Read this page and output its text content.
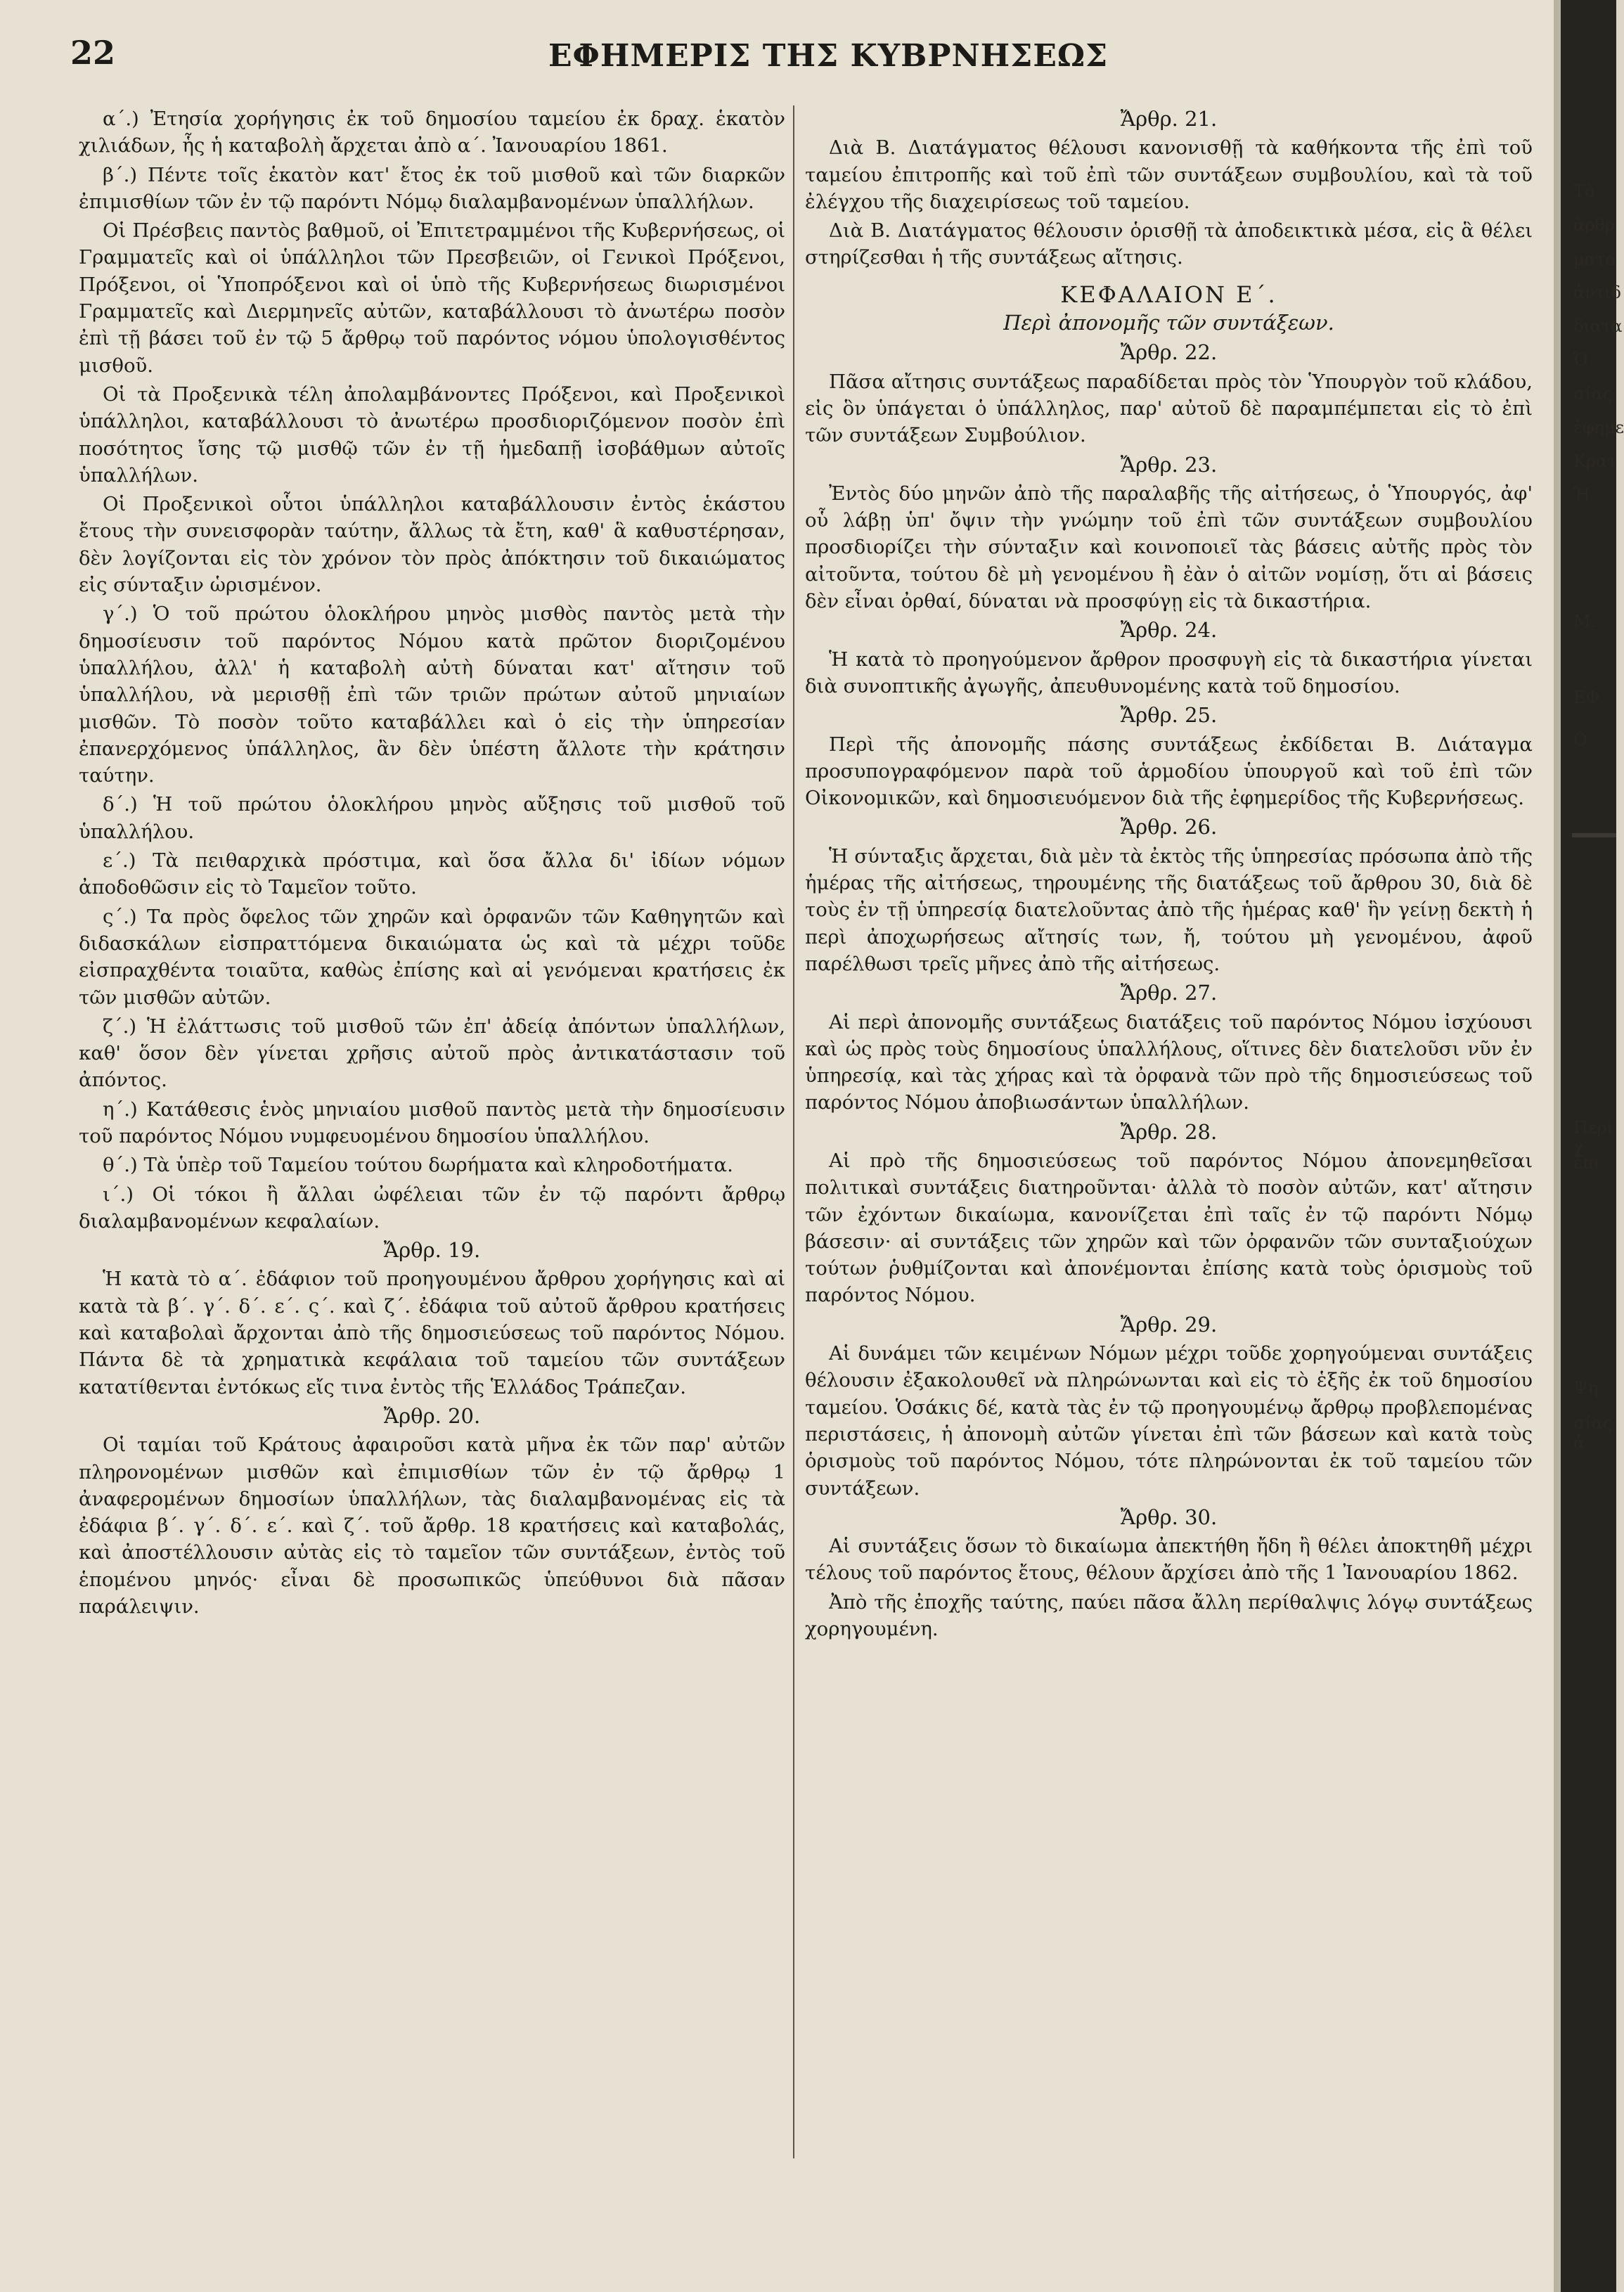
22	ΕΦΗΜΕΡΙΣ ΤΗΣ ΚΥΒΡΝΗΣΕΩΣ
α΄.) Ἐτησία χορήγησις ἐκ τοῦ δημοσίου ταμείου ἐκ δραχ. ἑκατὸν χιλιάδων, ἧς ἡ καταβολὴ ἄρχεται ἀπὸ α΄. Ἰανουαρίου 1861.
β΄.) Πέντε τοῖς ἑκατὸν κατ' ἔτος ἐκ τοῦ μισθοῦ καὶ τῶν διαρκῶν ἐπιμισθίων τῶν ἐν τῷ παρόντι Νόμῳ διαλαμβανομένων ὑπαλλήλων.
Οἱ Πρέσβεις παντὸς βαθμοῦ, οἱ Ἐπιτετραμμένοι τῆς Κυβερνήσεως, οἱ Γραμματεῖς καὶ οἱ ὑπάλληλοι τῶν Πρεσβειῶν, οἱ Γενικοὶ Πρόξενοι, Πρόξενοι, οἱ Ὑποπρόξενοι καὶ οἱ ὑπὸ τῆς Κυβερνήσεως διωρισμένοι Γραμματεῖς καὶ Διερμηνεῖς αὐτῶν, καταβάλλουσι τὸ ἀνωτέρω ποσὸν ἐπὶ τῇ βάσει τοῦ ἐν τῷ 5 ἄρθρῳ τοῦ παρόντος νόμου ὑπολογισθέντος μισθοῦ.
Οἱ τὰ Προξενικὰ τέλη ἀπολαμβάνοντες Πρόξενοι, καὶ Προξενικοὶ ὑπάλληλοι, καταβάλλουσι τὸ ἀνωτέρω προσδιοριζόμενον ποσὸν ἐπὶ ποσότητος ἴσης τῷ μισθῷ τῶν ἐν τῇ ἡμεδαπῇ ἰσοβάθμων αὐτοῖς ὑπαλλήλων.
Οἱ Προξενικοὶ οὗτοι ὑπάλληλοι καταβάλλουσιν ἐντὸς ἑκάστου ἔτους τὴν συνεισφορὰν ταύτην, ἄλλως τὰ ἔτη, καθ' ἃ καθυστέρησαν, δὲν λογίζονται εἰς τὸν χρόνον τὸν πρὸς ἀπόκτησιν τοῦ δικαιώματος εἰς σύνταξιν ὡρισμένον.
γ΄.) Ὁ τοῦ πρώτου ὁλοκλήρου μηνὸς μισθὸς παντὸς μετὰ τὴν δημοσίευσιν τοῦ παρόντος Νόμου κατὰ πρῶτον διοριζομένου ὑπαλλήλου, ἀλλ' ἡ καταβολὴ αὐτὴ δύναται κατ' αἴτησιν τοῦ ὑπαλλήλου, νὰ μερισθῇ ἐπὶ τῶν τριῶν πρώτων αὐτοῦ μηνιαίων μισθῶν. Τὸ ποσὸν τοῦτο καταβάλλει καὶ ὁ εἰς τὴν ὑπηρεσίαν ἐπανερχόμενος ὑπάλληλος, ἂν δὲν ὑπέστη ἄλλοτε τὴν κράτησιν ταύτην.
δ΄.) Ἡ τοῦ πρώτου ὁλοκλήρου μηνὸς αὔξησις τοῦ μισθοῦ τοῦ ὑπαλλήλου.
ε΄.) Τὰ πειθαρχικὰ πρόστιμα, καὶ ὅσα ἄλλα δι' ἰδίων νόμων ἀποδοθῶσιν εἰς τὸ Ταμεῖον τοῦτο.
ς΄.) Τα πρὸς ὄφελος τῶν χηρῶν καὶ ὀρφανῶν τῶν Καθηγητῶν καὶ διδασκάλων εἰσπραττόμενα δικαιώματα ὡς καὶ τὰ μέχρι τοῦδε εἰσπραχθέντα τοιαῦτα, καθὼς ἐπίσης καὶ αἱ γενόμεναι κρατήσεις ἐκ τῶν μισθῶν αὐτῶν.
ζ΄.) Ἡ ἐλάττωσις τοῦ μισθοῦ τῶν ἐπ' ἀδείᾳ ἀπόντων ὑπαλλήλων, καθ' ὅσον δὲν γίνεται χρῆσις αὐτοῦ πρὸς ἀντικατάστασιν τοῦ ἀπόντος.
η΄.) Κατάθεσις ἑνὸς μηνιαίου μισθοῦ παντὸς μετὰ τὴν δημοσίευσιν τοῦ παρόντος Νόμου νυμφευομένου δημοσίου ὑπαλλήλου.
θ΄.) Τὰ ὑπὲρ τοῦ Ταμείου τούτου δωρήματα καὶ κληροδοτήματα.
ι΄.) Οἱ τόκοι ἢ ἄλλαι ὠφέλειαι τῶν ἐν τῷ παρόντι ἄρθρῳ διαλαμβανομένων κεφαλαίων.
Ἄρθρ. 19.
Ἡ κατὰ τὸ α΄. ἐδάφιον τοῦ προηγουμένου ἄρθρου χορήγησις καὶ αἱ κατὰ τὰ β΄. γ΄. δ΄. ε΄. ς΄. καὶ ζ΄. ἐδάφια τοῦ αὐτοῦ ἄρθρου κρατήσεις καὶ καταβολαὶ ἄρχονται ἀπὸ τῆς δημοσιεύσεως τοῦ παρόντος Νόμου. Πάντα δὲ τὰ χρηματικὰ κεφάλαια τοῦ ταμείου τῶν συντάξεων κατατίθενται ἐντόκως εἴς τινα ἐντὸς τῆς Ἑλλάδος Τράπεζαν.
Ἄρθρ. 20.
Οἱ ταμίαι τοῦ Κράτους ἀφαιροῦσι κατὰ μῆνα ἐκ τῶν παρ' αὐτῶν πληρονομένων μισθῶν καὶ ἐπιμισθίων τῶν ἐν τῷ ἄρθρῳ 1 ἀναφερομένων δημοσίων ὑπαλλήλων, τὰς διαλαμβανομένας εἰς τὰ ἐδάφια β΄. γ΄. δ΄. ε΄. καὶ ζ΄. τοῦ ἄρθρ. 18 κρατήσεις καὶ καταβολάς, καὶ ἀποστέλλουσιν αὐτὰς εἰς τὸ ταμεῖον τῶν συντάξεων, ἐντὸς τοῦ ἑπομένου μηνός· εἶναι δὲ προσωπικῶς ὑπεύθυνοι διὰ πᾶσαν παράλειψιν.
Ἄρθρ. 21.
Διὰ Β. Διατάγματος θέλουσι κανονισθῇ τὰ καθήκοντα τῆς ἐπὶ τοῦ ταμείου ἐπιτροπῆς καὶ τοῦ ἐπὶ τῶν συντάξεων συμβουλίου, καὶ τὰ τοῦ ἐλέγχου τῆς διαχειρίσεως τοῦ ταμείου.
Διὰ Β. Διατάγματος θέλουσιν ὁρισθῇ τὰ ἀποδεικτικὰ μέσα, εἰς ἃ θέλει στηρίζεσθαι ἡ τῆς συντάξεως αἴτησις.
ΚΕΦΑΛΑΙΟΝ Ε΄.
Περὶ ἀπονομῆς τῶν συντάξεων.
Ἄρθρ. 22.
Πᾶσα αἴτησις συντάξεως παραδίδεται πρὸς τὸν Ὑπουργὸν τοῦ κλάδου, εἰς ὃν ὑπάγεται ὁ ὑπάλληλος, παρ' αὐτοῦ δὲ παραμπέμπεται εἰς τὸ ἐπὶ τῶν συντάξεων Συμβούλιον.
Ἄρθρ. 23.
Ἐντὸς δύο μηνῶν ἀπὸ τῆς παραλαβῆς τῆς αἰτήσεως, ὁ Ὑπουργός, ἀφ' οὗ λάβῃ ὑπ' ὄψιν τὴν γνώμην τοῦ ἐπὶ τῶν συντάξεων συμβουλίου προσδιορίζει τὴν σύνταξιν καὶ κοινοποιεῖ τὰς βάσεις αὐτῆς πρὸς τὸν αἰτοῦντα, τούτου δὲ μὴ γενομένου ἢ ἐὰν ὁ αἰτῶν νομίσῃ, ὅτι αἱ βάσεις δὲν εἶναι ὀρθαί, δύναται νὰ προσφύγῃ εἰς τὰ δικαστήρια.
Ἄρθρ. 24.
Ἡ κατὰ τὸ προηγούμενον ἄρθρον προσφυγὴ εἰς τὰ δικαστήρια γίνεται διὰ συνοπτικῆς ἀγωγῆς, ἀπευθυνομένης κατὰ τοῦ δημοσίου.
Ἄρθρ. 25.
Περὶ τῆς ἀπονομῆς πάσης συντάξεως ἐκδίδεται Β. Διάταγμα προσυπογραφόμενον παρὰ τοῦ ἁρμοδίου ὑπουργοῦ καὶ τοῦ ἐπὶ τῶν Οἰκονομικῶν, καὶ δημοσιευόμενον διὰ τῆς ἐφημερίδος τῆς Κυβερνήσεως.
Ἄρθρ. 26.
Ἡ σύνταξις ἄρχεται, διὰ μὲν τὰ ἐκτὸς τῆς ὑπηρεσίας πρόσωπα ἀπὸ τῆς ἡμέρας τῆς αἰτήσεως, τηρουμένης τῆς διατάξεως τοῦ ἄρθρου 30, διὰ δὲ τοὺς ἐν τῇ ὑπηρεσίᾳ διατελοῦντας ἀπὸ τῆς ἡμέρας καθ' ἣν γείνῃ δεκτὴ ἡ περὶ ἀποχωρήσεως αἴτησίς των, ἤ, τούτου μὴ γενομένου, ἀφοῦ παρέλθωσι τρεῖς μῆνες ἀπὸ τῆς αἰτήσεως.
Ἄρθρ. 27.
Αἱ περὶ ἀπονομῆς συντάξεως διατάξεις τοῦ παρόντος Νόμου ἰσχύουσι καὶ ὡς πρὸς τοὺς δημοσίους ὑπαλλήλους, οἵτινες δὲν διατελοῦσι νῦν ἐν ὑπηρεσίᾳ, καὶ τὰς χήρας καὶ τὰ ὀρφανὰ τῶν πρὸ τῆς δημοσιεύσεως τοῦ παρόντος Νόμου ἀποβιωσάντων ὑπαλλήλων.
Ἄρθρ. 28.
Αἱ πρὸ τῆς δημοσιεύσεως τοῦ παρόντος Νόμου ἀπονεμηθεῖσαι πολιτικαὶ συντάξεις διατηροῦνται· ἀλλὰ τὸ ποσὸν αὐτῶν, κατ' αἴτησιν τῶν ἐχόντων δικαίωμα, κανονίζεται ἐπὶ ταῖς ἐν τῷ παρόντι Νόμῳ βάσεσιν· αἱ συντάξεις τῶν χηρῶν καὶ τῶν ὀρφανῶν τῶν συνταξιούχων τούτων ῥυθμίζονται καὶ ἀπονέμονται ἐπίσης κατὰ τοὺς ὁρισμοὺς τοῦ παρόντος Νόμου.
Ἄρθρ. 29.
Αἱ δυνάμει τῶν κειμένων Νόμων μέχρι τοῦδε χορηγούμεναι συντάξεις θέλουσιν ἐξακολουθεῖ νὰ πληρώνωνται καὶ εἰς τὸ ἑξῆς ἐκ τοῦ δημοσίου ταμείου. Ὁσάκις δέ, κατὰ τὰς ἐν τῷ προηγουμένῳ ἄρθρῳ προβλεπομένας περιστάσεις, ἡ ἀπονομὴ αὐτῶν γίνεται ἐπὶ τῶν βάσεων καὶ κατὰ τοὺς ὁρισμοὺς τοῦ παρόντος Νόμου, τότε πληρώνονται ἐκ τοῦ ταμείου τῶν συντάξεων.
Ἄρθρ. 30.
Αἱ συντάξεις ὅσων τὸ δικαίωμα ἀπεκτήθη ἤδη ἢ θέλει ἀποκτηθῆ μέχρι τέλους τοῦ παρόντος ἔτους, θέλουν ἄρχίσει ἀπὸ τῆς 1 Ἰανουαρίου 1862.
Ἀπὸ τῆς ἐποχῆς ταύτης, παύει πᾶσα ἄλλη περίθαλψις λόγῳ συντάξεως χορηγουμένη.
Τὸ
ἄρθρ
ματο
ἀντιδ
διατα
Ὁ
σίας
ἐφημε
Κρατ
Ἡ
Μ.
ΕΦ
Ο
Περὶ χ
ἐπὶ
Ψη
σίας ἀ
